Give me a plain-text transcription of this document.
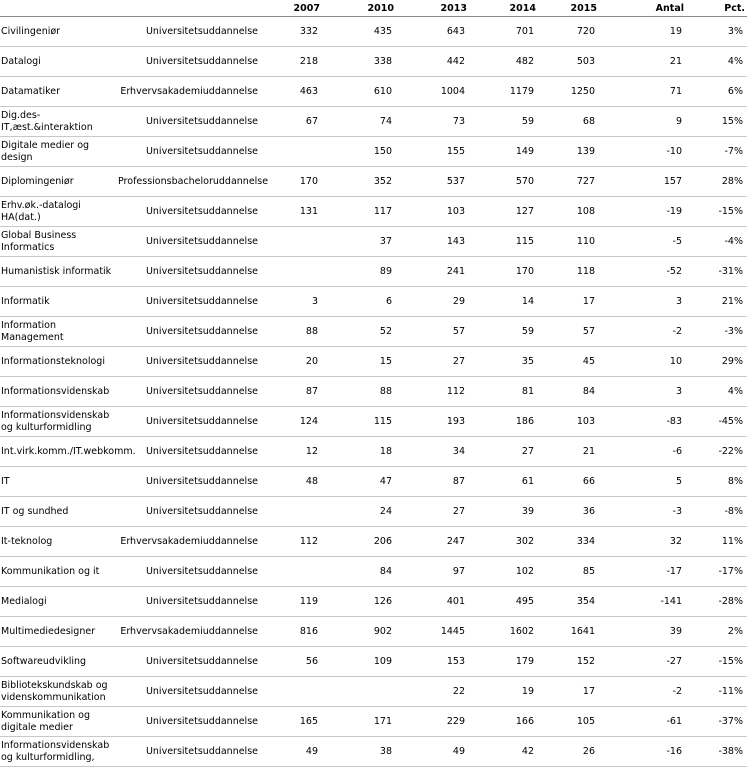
		2007	2010	2013	2014	2015	Antal	Pct.
Civilingeniør	Universitetsuddannelse	332	435	643	701	720	19	3%
Datalogi	Universitetsuddannelse	218	338	442	482	503	21	4%
Datamatiker	Erhvervsakademiuddannelse	463	610	1004	1179	1250	71	6%
Dig.des-IT,æst.&interaktion	Universitetsuddannelse	67	74	73	59	68	9	15%
Digitale medier og design	Universitetsuddannelse		150	155	149	139	-10	-7%
Diplomingeniør	Professionsbacheloruddannelse	170	352	537	570	727	157	28%
Erhv.øk.-datalogi HA(dat.)	Universitetsuddannelse	131	117	103	127	108	-19	-15%
Global Business Informatics	Universitetsuddannelse		37	143	115	110	-5	-4%
Humanistisk informatik	Universitetsuddannelse		89	241	170	118	-52	-31%
Informatik	Universitetsuddannelse	3	6	29	14	17	3	21%
Information Management	Universitetsuddannelse	88	52	57	59	57	-2	-3%
Informationsteknologi	Universitetsuddannelse	20	15	27	35	45	10	29%
Informationsvidenskab	Universitetsuddannelse	87	88	112	81	84	3	4%
Informationsvidenskab og kulturformidling	Universitetsuddannelse	124	115	193	186	103	-83	-45%
Int.virk.komm./IT.webkomm.	Universitetsuddannelse	12	18	34	27	21	-6	-22%
IT	Universitetsuddannelse	48	47	87	61	66	5	8%
IT og sundhed	Universitetsuddannelse		24	27	39	36	-3	-8%
It-teknolog	Erhvervsakademiuddannelse	112	206	247	302	334	32	11%
Kommunikation og it	Universitetsuddannelse		84	97	102	85	-17	-17%
Medialogi	Universitetsuddannelse	119	126	401	495	354	-141	-28%
Multimediedesigner	Erhvervsakademiuddannelse	816	902	1445	1602	1641	39	2%
Softwareudvikling	Universitetsuddannelse	56	109	153	179	152	-27	-15%
Bibliotekskundskab og videnskommunikation	Universitetsuddannelse			22	19	17	-2	-11%
Kommunikation og digitale medier	Universitetsuddannelse	165	171	229	166	105	-61	-37%
Informationsvidenskab og kulturformidling,	Universitetsuddannelse	49	38	49	42	26	-16	-38%
